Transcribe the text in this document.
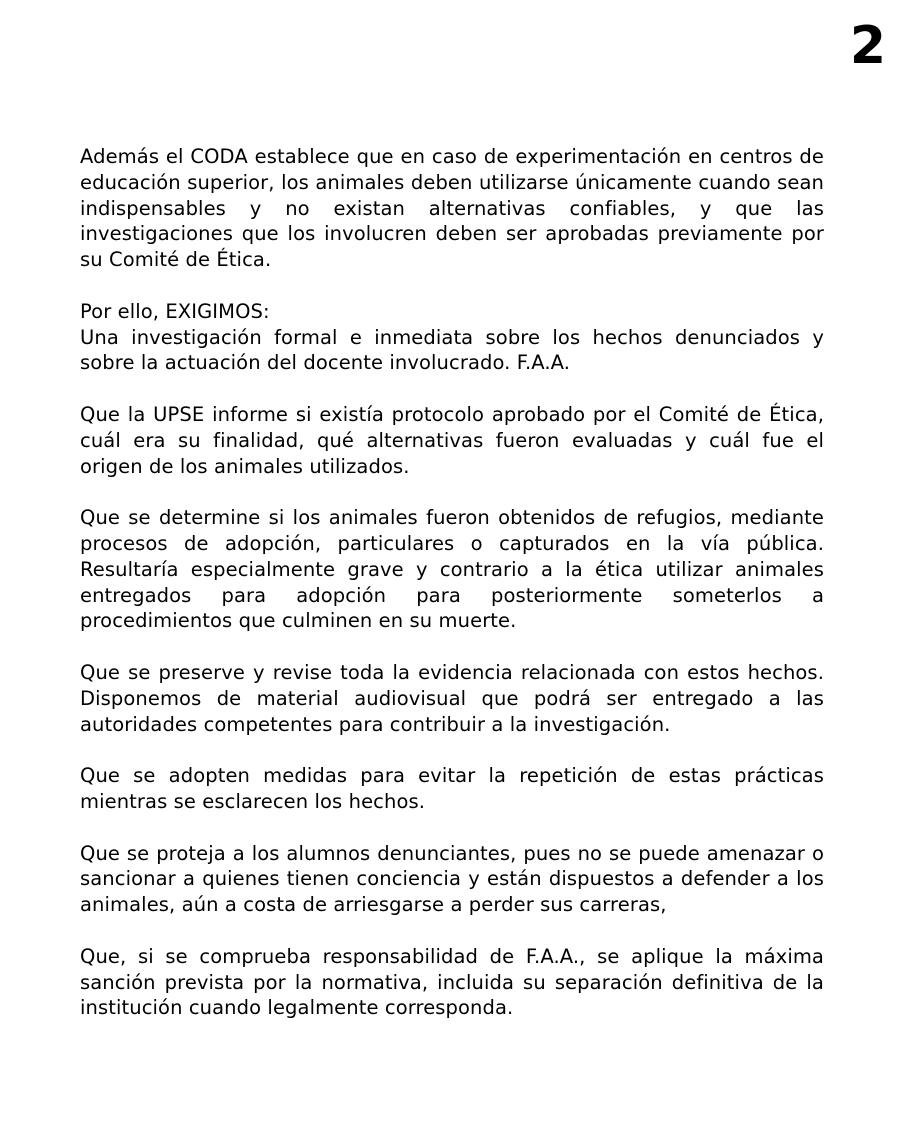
2

Además el CODA establece que en caso de experimentación en centros de educación superior, los animales deben utilizarse únicamente cuando sean indispensables y no existan alternativas confiables, y que las investigaciones que los involucren deben ser aprobadas previamente por su Comité de Ética.

Por ello, EXIGIMOS:

Una investigación formal e inmediata sobre los hechos denunciados y sobre la actuación del docente involucrado. F.A.A.

Que la UPSE informe si existía protocolo aprobado por el Comité de Ética, cuál era su finalidad, qué alternativas fueron evaluadas y cuál fue el origen de los animales utilizados.

Que se determine si los animales fueron obtenidos de refugios, mediante procesos de adopción, particulares o capturados en la vía pública. Resultaría especialmente grave y contrario a la ética utilizar animales entregados para adopción para posteriormente someterlos a procedimientos que culminen en su muerte.

Que se preserve y revise toda la evidencia relacionada con estos hechos. Disponemos de material audiovisual que podrá ser entregado a las autoridades competentes para contribuir a la investigación.

Que se adopten medidas para evitar la repetición de estas prácticas mientras se esclarecen los hechos.

Que se proteja a los alumnos denunciantes, pues no se puede amenazar o sancionar a quienes tienen conciencia y están dispuestos a defender a los animales, aún a costa de arriesgarse a perder sus carreras,

Que, si se comprueba responsabilidad de F.A.A., se aplique la máxima sanción prevista por la normativa, incluida su separación definitiva de la institución cuando legalmente corresponda.
